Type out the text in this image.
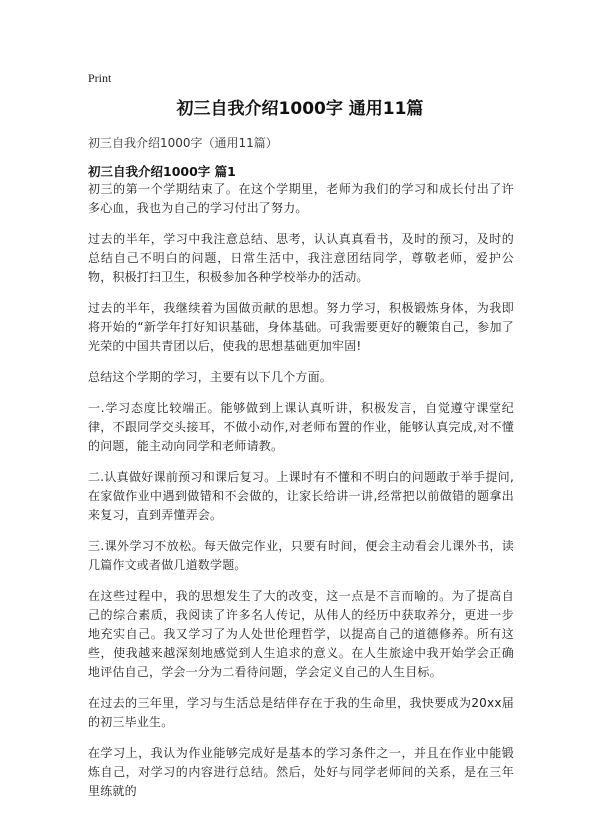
Print
初三自我介绍1000字 通用11篇

初三自我介绍1000字（通用11篇）

初三自我介绍1000字 篇1

初三的第一个学期结束了。在这个学期里，老师为我们的学习和成长付出了许多心血，我也为自己的学习付出了努力。

过去的半年，学习中我注意总结、思考，认认真真看书，及时的预习，及时的总结自己不明白的问题，日常生活中，我注意团结同学，尊敬老师，爱护公物，积极打扫卫生，积极参加各种学校举办的活动。

过去的半年，我继续着为国做贡献的思想。努力学习，积极锻炼身体，为我即将开始的“新学年打好知识基础，身体基础。可我需要更好的鞭策自己，参加了光荣的中国共青团以后，使我的思想基础更加牢固!

总结这个学期的学习，主要有以下几个方面。

一.学习态度比较端正。能够做到上课认真听讲，积极发言，自觉遵守课堂纪律，不跟同学交头接耳，不做小动作,对老师布置的作业，能够认真完成,对不懂的问题，能主动向同学和老师请教。

二.认真做好课前预习和课后复习。上课时有不懂和不明白的问题敢于举手提问,在家做作业中遇到做错和不会做的，让家长给讲一讲,经常把以前做错的题拿出来复习，直到弄懂弄会。

三.课外学习不放松。每天做完作业，只要有时间，便会主动看会儿课外书，读几篇作文或者做几道数学题。

在这些过程中，我的思想发生了大的改变，这一点是不言而喻的。为了提高自己的综合素质，我阅读了许多名人传记，从伟人的经历中获取养分，更进一步地充实自己。我又学习了为人处世伦理哲学，以提高自己的道德修养。所有这些，使我越来越深刻地感觉到人生追求的意义。在人生旅途中我开始学会正确地评估自己，学会一分为二看待问题，学会定义自己的人生目标。

在过去的三年里，学习与生活总是结伴存在于我的生命里，我快要成为20xx届的初三毕业生。

在学习上，我认为作业能够完成好是基本的学习条件之一，并且在作业中能锻炼自己，对学习的内容进行总结。然后，处好与同学老师间的关系，是在三年里练就的
